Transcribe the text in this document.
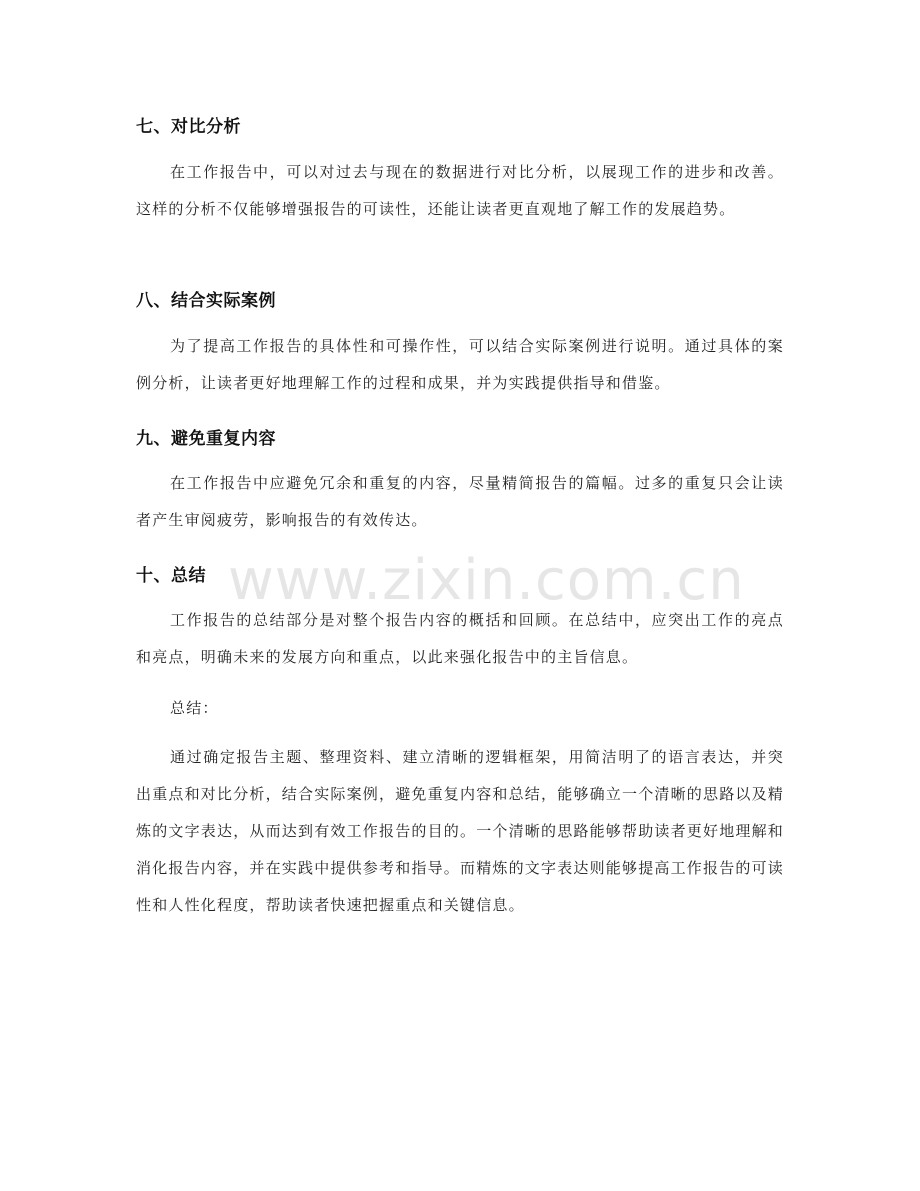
七、对比分析

在工作报告中，可以对过去与现在的数据进行对比分析，以展现工作的进步和改善。这样的分析不仅能够增强报告的可读性，还能让读者更直观地了解工作的发展趋势。

八、结合实际案例

为了提高工作报告的具体性和可操作性，可以结合实际案例进行说明。通过具体的案例分析，让读者更好地理解工作的过程和成果，并为实践提供指导和借鉴。

九、避免重复内容

在工作报告中应避免冗余和重复的内容，尽量精简报告的篇幅。过多的重复只会让读者产生审阅疲劳，影响报告的有效传达。

十、总结

工作报告的总结部分是对整个报告内容的概括和回顾。在总结中，应突出工作的亮点和亮点，明确未来的发展方向和重点，以此来强化报告中的主旨信息。

总结：

通过确定报告主题、整理资料、建立清晰的逻辑框架，用简洁明了的语言表达，并突出重点和对比分析，结合实际案例，避免重复内容和总结，能够确立一个清晰的思路以及精炼的文字表达，从而达到有效工作报告的目的。一个清晰的思路能够帮助读者更好地理解和消化报告内容，并在实践中提供参考和指导。而精炼的文字表达则能够提高工作报告的可读性和人性化程度，帮助读者快速把握重点和关键信息。

www.zixin.com.cn
